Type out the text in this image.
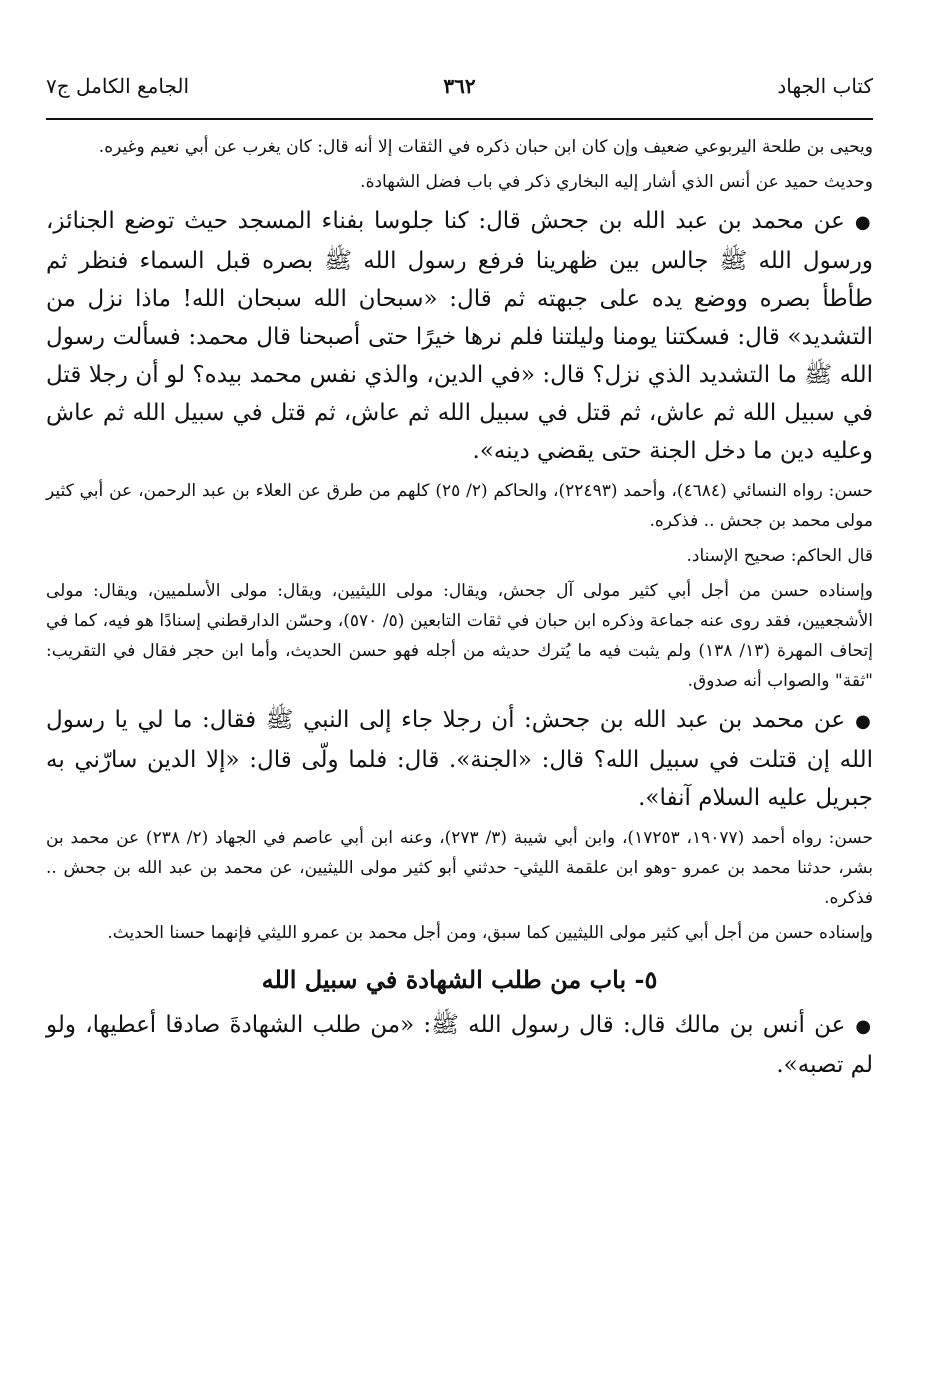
كتاب الجهاد
٣٦٢
الجامع الكامل ج٧

ويحيى بن طلحة اليربوعي ضعيف وإن كان ابن حبان ذكره في الثقات إلا أنه قال: كان يغرب عن أبي نعيم وغيره.

وحديث حميد عن أنس الذي أشار إليه البخاري ذكر في باب فضل الشهادة.

●عن محمد بن عبد الله بن جحش قال: كنا جلوسا بفناء المسجد حيث توضع الجنائز، ورسول الله ﷺ جالس بين ظهرينا فرفع رسول الله ﷺ بصره قبل السماء فنظر ثم طأطأ بصره ووضع يده على جبهته ثم قال: «سبحان الله سبحان الله! ماذا نزل من التشديد» قال: فسكتنا يومنا وليلتنا فلم نرها خيرًا حتى أصبحنا قال محمد: فسألت رسول الله ﷺ ما التشديد الذي نزل؟ قال: «في الدين، والذي نفس محمد بيده؟ لو أن رجلا قتل في سبيل الله ثم عاش، ثم قتل في سبيل الله ثم عاش، ثم قتل في سبيل الله ثم عاش وعليه دين ما دخل الجنة حتى يقضي دينه».

حسن: رواه النسائي (٤٦٨٤)، وأحمد (٢٢٤٩٣)، والحاكم (٢/ ٢٥) كلهم من طرق عن العلاء بن عبد الرحمن، عن أبي كثير مولى محمد بن جحش .. فذكره.

قال الحاكم: صحيح الإسناد.

وإسناده حسن من أجل أبي كثير مولى آل جحش، ويقال: مولى الليثيين، ويقال: مولى الأسلميين، ويقال: مولى الأشجعيين، فقد روى عنه جماعة وذكره ابن حبان في ثقات التابعين (٥/ ٥٧٠)، وحسّن الدارقطني إسنادًا هو فيه، كما في إتحاف المهرة (١٣/ ١٣٨) ولم يثبت فيه ما يُترك حديثه من أجله فهو حسن الحديث، وأما ابن حجر فقال في التقريب: "ثقة" والصواب أنه صدوق.

●عن محمد بن عبد الله بن جحش: أن رجلا جاء إلى النبي ﷺ فقال: ما لي يا رسول الله إن قتلت في سبيل الله؟ قال: «الجنة». قال: فلما ولّى قال: «إلا الدين سارّني به جبريل عليه السلام آنفا».

حسن: رواه أحمد (١٩٠٧٧، ١٧٢٥٣)، وابن أبي شيبة (٣/ ٢٧٣)، وعنه ابن أبي عاصم في الجهاد (٢/ ٢٣٨) عن محمد بن بشر، حدثنا محمد بن عمرو -وهو ابن علقمة الليثي- حدثني أبو كثير مولى الليثيين، عن محمد بن عبد الله بن جحش .. فذكره.

وإسناده حسن من أجل أبي كثير مولى الليثيين كما سبق، ومن أجل محمد بن عمرو الليثي فإنهما حسنا الحديث.

٥- باب من طلب الشهادة في سبيل الله

●عن أنس بن مالك قال: قال رسول الله ﷺ: «من طلب الشهادةَ صادقا أعطيها، ولو لم تصبه».
